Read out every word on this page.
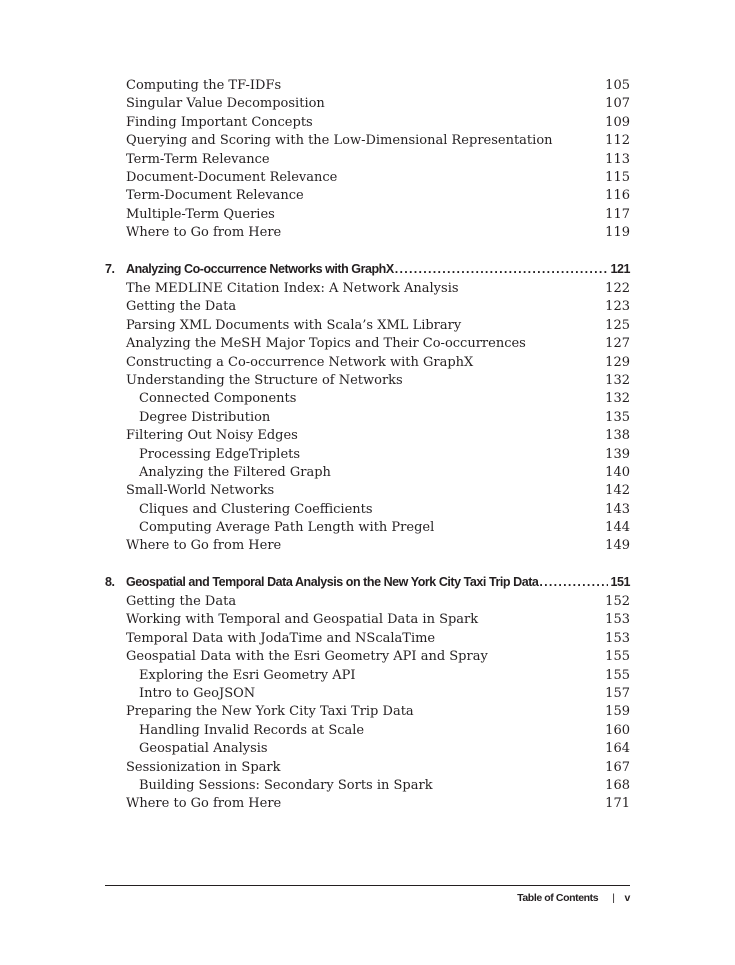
Computing the TF-IDFs	105
Singular Value Decomposition	107
Finding Important Concepts	109
Querying and Scoring with the Low-Dimensional Representation	112
Term-Term Relevance	113
Document-Document Relevance	115
Term-Document Relevance	116
Multiple-Term Queries	117
Where to Go from Here	119
7. Analyzing Co-occurrence Networks with GraphX . . .	121
The MEDLINE Citation Index: A Network Analysis	122
Getting the Data	123
Parsing XML Documents with Scala’s XML Library	125
Analyzing the MeSH Major Topics and Their Co-occurrences	127
Constructing a Co-occurrence Network with GraphX	129
Understanding the Structure of Networks	132
Connected Components	132
Degree Distribution	135
Filtering Out Noisy Edges	138
Processing EdgeTriplets	139
Analyzing the Filtered Graph	140
Small-World Networks	142
Cliques and Clustering Coefficients	143
Computing Average Path Length with Pregel	144
Where to Go from Here	149
8. Geospatial and Temporal Data Analysis on the New York City Taxi Trip Data . . .	151
Getting the Data	152
Working with Temporal and Geospatial Data in Spark	153
Temporal Data with JodaTime and NScalaTime	153
Geospatial Data with the Esri Geometry API and Spray	155
Exploring the Esri Geometry API	155
Intro to GeoJSON	157
Preparing the New York City Taxi Trip Data	159
Handling Invalid Records at Scale	160
Geospatial Analysis	164
Sessionization in Spark	167
Building Sessions: Secondary Sorts in Spark	168
Where to Go from Here	171
Table of Contents | v
